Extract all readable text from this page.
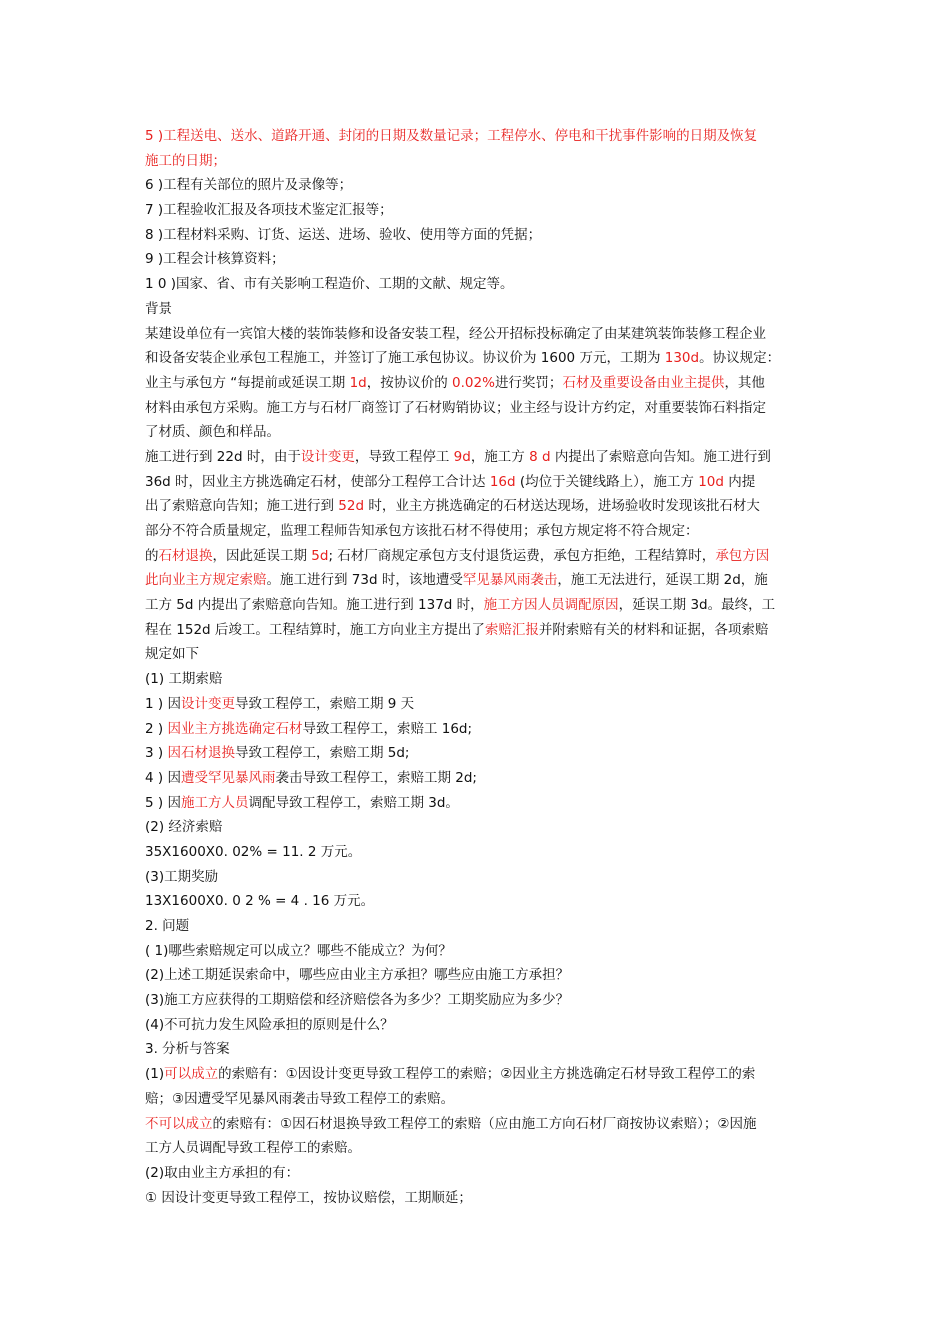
5 )工程送电、送水、道路开通、封闭的日期及数量记录；工程停水、停电和干扰事件影响的日期及恢复
施工的日期；
6 )工程有关部位的照片及录像等；
7 )工程验收汇报及各项技术鉴定汇报等；
8 )工程材料采购、订货、运送、进场、验收、使用等方面的凭据；
9 )工程会计核算资料；
1 0 )国家、省、市有关影响工程造价、工期的文献、规定等。
背景
某建设单位有一宾馆大楼的装饰装修和设备安装工程，经公开招标投标确定了由某建筑装饰装修工程企业
和设备安装企业承包工程施工，并签订了施工承包协议。协议价为 1600 万元，工期为 130d。协议规定：
业主与承包方 “每提前或延误工期 1d，按协议价的 0.02%进行奖罚；石材及重要设备由业主提供，其他
材料由承包方采购。施工方与石材厂商签订了石材购销协议；业主经与设计方约定，对重要装饰石料指定
了材质、颜色和样品。
施工进行到 22d 时，由于设计变更，导致工程停工 9d，施工方 8 d 内提出了索赔意向告知。施工进行到
36d 时，因业主方挑选确定石材，使部分工程停工合计达 16d (均位于关键线路上），施工方 10d 内提
出了索赔意向告知；施工进行到 52d 时，业主方挑选确定的石材送达现场，进场验收时发现该批石材大
部分不符合质量规定，监理工程师告知承包方该批石材不得使用；承包方规定将不符合规定：
的石材退换，因此延误工期 5d; 石材厂商规定承包方支付退货运费，承包方拒绝，工程结算时，承包方因
此向业主方规定索赔。施工进行到 73d 时，该地遭受罕见暴风雨袭击，施工无法进行，延误工期 2d，施
工方 5d 内提出了索赔意向告知。施工进行到 137d 时，施工方因人员调配原因，延误工期 3d。最终，工
程在 152d 后竣工。工程结算时，施工方向业主方提出了索赔汇报并附索赔有关的材料和证据，各项索赔
规定如下
(1) 工期索赔
1 ) 因设计变更导致工程停工，索赔工期 9 天
2 ) 因业主方挑选确定石材导致工程停工，索赔工 16d;
3 ) 因石材退换导致工程停工，索赔工期 5d;
4 ) 因遭受罕见暴风雨袭击导致工程停工，索赔工期 2d;
5 ) 因施工方人员调配导致工程停工，索赔工期 3d。
(2) 经济索赔
35X1600X0. 02% = 11. 2 万元。
(3)工期奖励
13X1600X0. 0 2 % = 4 . 16 万元。
2. 问题
( 1)哪些索赔规定可以成立？哪些不能成立？为何？
(2)上述工期延误索命中，哪些应由业主方承担？哪些应由施工方承担？
(3)施工方应获得的工期赔偿和经济赔偿各为多少？工期奖励应为多少？
(4)不可抗力发生风险承担的原则是什么？
3. 分析与答案
(1)可以成立的索赔有：①因设计变更导致工程停工的索赔；②因业主方挑选确定石材导致工程停工的索
赔；③因遭受罕见暴风雨袭击导致工程停工的索赔。
不可以成立的索赔有：①因石材退换导致工程停工的索赔（应由施工方向石材厂商按协议索赔）；②因施
工方人员调配导致工程停工的索赔。
(2)取由业主方承担的有：
① 因设计变更导致工程停工，按协议赔偿，工期顺延；
